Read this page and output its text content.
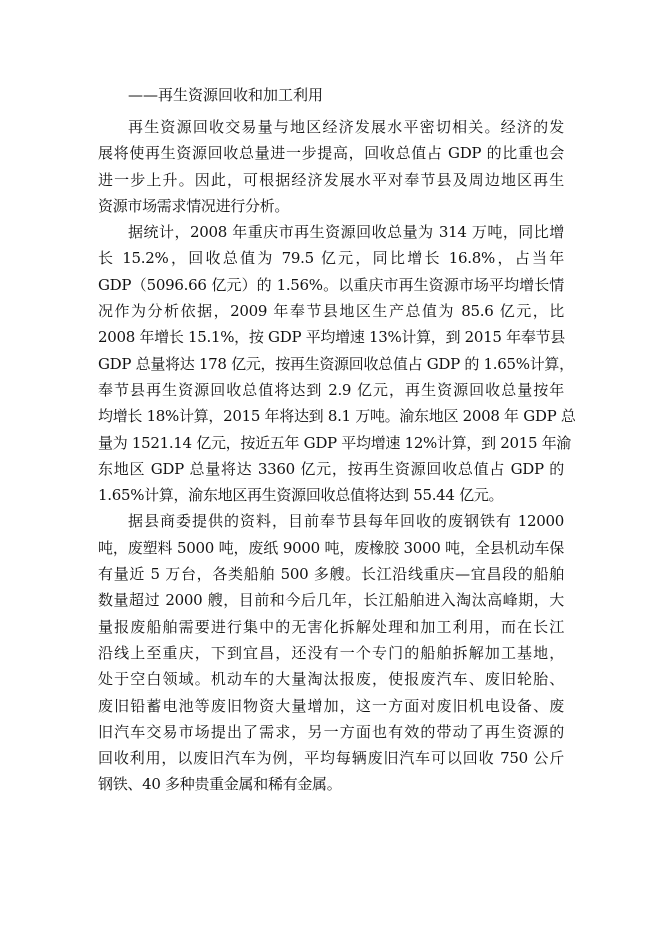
——再生资源回收和加工利用
再生资源回收交易量与地区经济发展水平密切相关。经济的发
展将使再生资源回收总量进一步提高，回收总值占 GDP 的比重也会
进一步上升。因此，可根据经济发展水平对奉节县及周边地区再生
资源市场需求情况进行分析。
据统计，2008 年重庆市再生资源回收总量为 314 万吨，同比增
长 15.2%，回收总值为 79.5 亿元，同比增长 16.8%，占当年
GDP（5096.66 亿元）的 1.56%。以重庆市再生资源市场平均增长情
况作为分析依据，2009 年奉节县地区生产总值为 85.6 亿元，比
2008 年增长 15.1%，按 GDP 平均增速 13%计算，到 2015 年奉节县
GDP 总量将达 178 亿元，按再生资源回收总值占 GDP 的 1.65%计算，
奉节县再生资源回收总值将达到 2.9 亿元，再生资源回收总量按年
均增长 18%计算，2015 年将达到 8.1 万吨。渝东地区 2008 年 GDP 总
量为 1521.14 亿元，按近五年 GDP 平均增速 12%计算，到 2015 年渝
东地区 GDP 总量将达 3360 亿元，按再生资源回收总值占 GDP 的
1.65%计算，渝东地区再生资源回收总值将达到 55.44 亿元。
据县商委提供的资料，目前奉节县每年回收的废钢铁有 12000
吨，废塑料 5000 吨，废纸 9000 吨，废橡胶 3000 吨，全县机动车保
有量近 5 万台，各类船舶 500 多艘。长江沿线重庆—宜昌段的船舶
数量超过 2000 艘，目前和今后几年，长江船舶进入淘汰高峰期，大
量报废船舶需要进行集中的无害化拆解处理和加工利用，而在长江
沿线上至重庆，下到宜昌，还没有一个专门的船舶拆解加工基地，
处于空白领域。机动车的大量淘汰报废，使报废汽车、废旧轮胎、
废旧铅蓄电池等废旧物资大量增加，这一方面对废旧机电设备、废
旧汽车交易市场提出了需求，另一方面也有效的带动了再生资源的
回收利用，以废旧汽车为例，平均每辆废旧汽车可以回收 750 公斤
钢铁、40 多种贵重金属和稀有金属。
